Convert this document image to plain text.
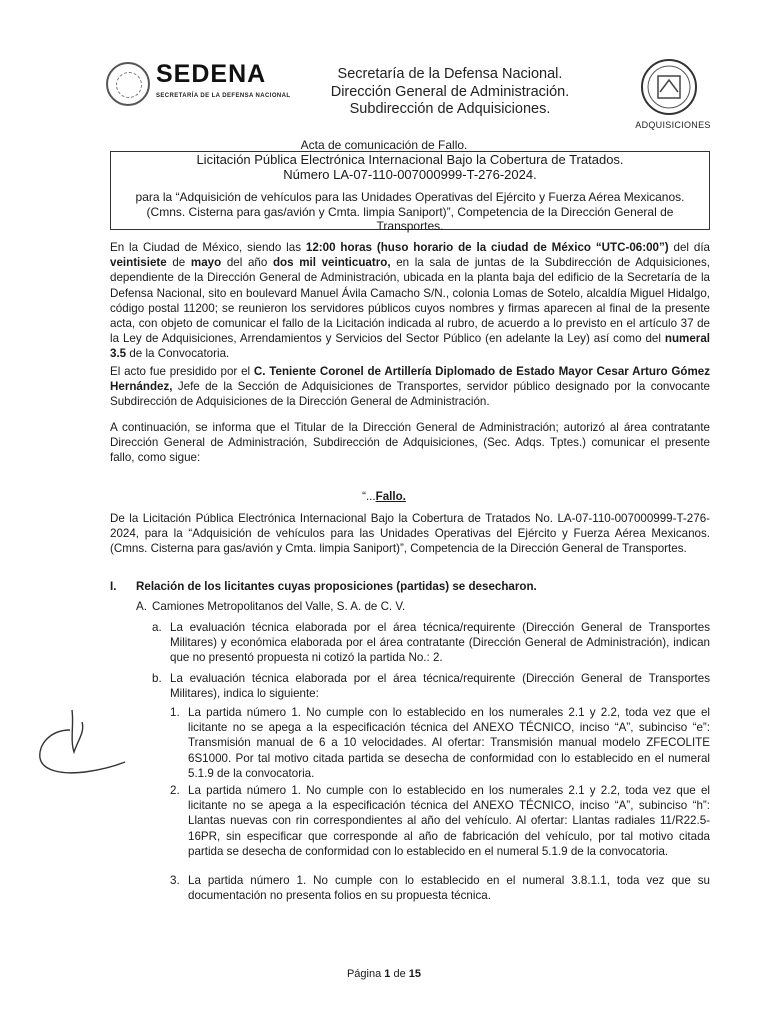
SEDENA
SECRETARÍA DE LA DEFENSA NACIONAL
Secretaría de la Defensa Nacional.
Dirección General de Administración.
Subdirección de Adquisiciones.
ADQUISICIONES
Acta de comunicación de Fallo.
Licitación Pública Electrónica Internacional Bajo la Cobertura de Tratados.
Número LA-07-110-007000999-T-276-2024.
para la “Adquisición de vehículos para las Unidades Operativas del Ejército y Fuerza Aérea Mexicanos.
(Cmns. Cisterna para gas/avión y Cmta. limpia Saniport)”, Competencia de la Dirección General de
Transportes.
En la Ciudad de México, siendo las 12:00 horas (huso horario de la ciudad de México “UTC-06:00”) del día veintisiete de mayo del año dos mil veinticuatro, en la sala de juntas de la Subdirección de Adquisiciones, dependiente de la Dirección General de Administración, ubicada en la planta baja del edificio de la Secretaría de la Defensa Nacional, sito en boulevard Manuel Ávila Camacho S/N., colonia Lomas de Sotelo, alcaldía Miguel Hidalgo, código postal 11200; se reunieron los servidores públicos cuyos nombres y firmas aparecen al final de la presente acta, con objeto de comunicar el fallo de la Licitación indicada al rubro, de acuerdo a lo previsto en el artículo 37 de la Ley de Adquisiciones, Arrendamientos y Servicios del Sector Público (en adelante la Ley) así como del numeral 3.5 de la Convocatoria.
El acto fue presidido por el C. Teniente Coronel de Artillería Diplomado de Estado Mayor Cesar Arturo Gómez Hernández, Jefe de la Sección de Adquisiciones de Transportes, servidor público designado por la convocante Subdirección de Adquisiciones de la Dirección General de Administración.
A continuación, se informa que el Titular de la Dirección General de Administración; autorizó al área contratante Dirección General de Administración, Subdirección de Adquisiciones, (Sec. Adqs. Tptes.) comunicar el presente fallo, como sigue:
“...Fallo.
De la Licitación Pública Electrónica Internacional Bajo la Cobertura de Tratados No. LA-07-110-007000999-T-276-2024, para la “Adquisición de vehículos para las Unidades Operativas del Ejército y Fuerza Aérea Mexicanos. (Cmns. Cisterna para gas/avión y Cmta. limpia Saniport)”, Competencia de la Dirección General de Transportes.
I. Relación de los licitantes cuyas proposiciones (partidas) se desecharon.
A. Camiones Metropolitanos del Valle, S. A. de C. V.
a. La evaluación técnica elaborada por el área técnica/requirente (Dirección General de Transportes Militares) y económica elaborada por el área contratante (Dirección General de Administración), indican que no presentó propuesta ni cotizó la partida No.: 2.
b. La evaluación técnica elaborada por el área técnica/requirente (Dirección General de Transportes Militares), indica lo siguiente:
1. La partida número 1. No cumple con lo establecido en los numerales 2.1 y 2.2, toda vez que el licitante no se apega a la especificación técnica del ANEXO TÉCNICO, inciso “A”, subinciso “e”: Transmisión manual de 6 a 10 velocidades. Al ofertar: Transmisión manual modelo ZFECOLITE 6S1000. Por tal motivo citada partida se desecha de conformidad con lo establecido en el numeral 5.1.9 de la convocatoria.
2. La partida número 1. No cumple con lo establecido en los numerales 2.1 y 2.2, toda vez que el licitante no se apega a la especificación técnica del ANEXO TÉCNICO, inciso “A”, subinciso “h”: Llantas nuevas con rin correspondientes al año del vehículo. Al ofertar: Llantas radiales 11/R22.5-16PR, sin especificar que corresponde al año de fabricación del vehículo, por tal motivo citada partida se desecha de conformidad con lo establecido en el numeral 5.1.9 de la convocatoria.
3. La partida número 1. No cumple con lo establecido en el numeral 3.8.1.1, toda vez que su documentación no presenta folios en su propuesta técnica.
Página 1 de 15
